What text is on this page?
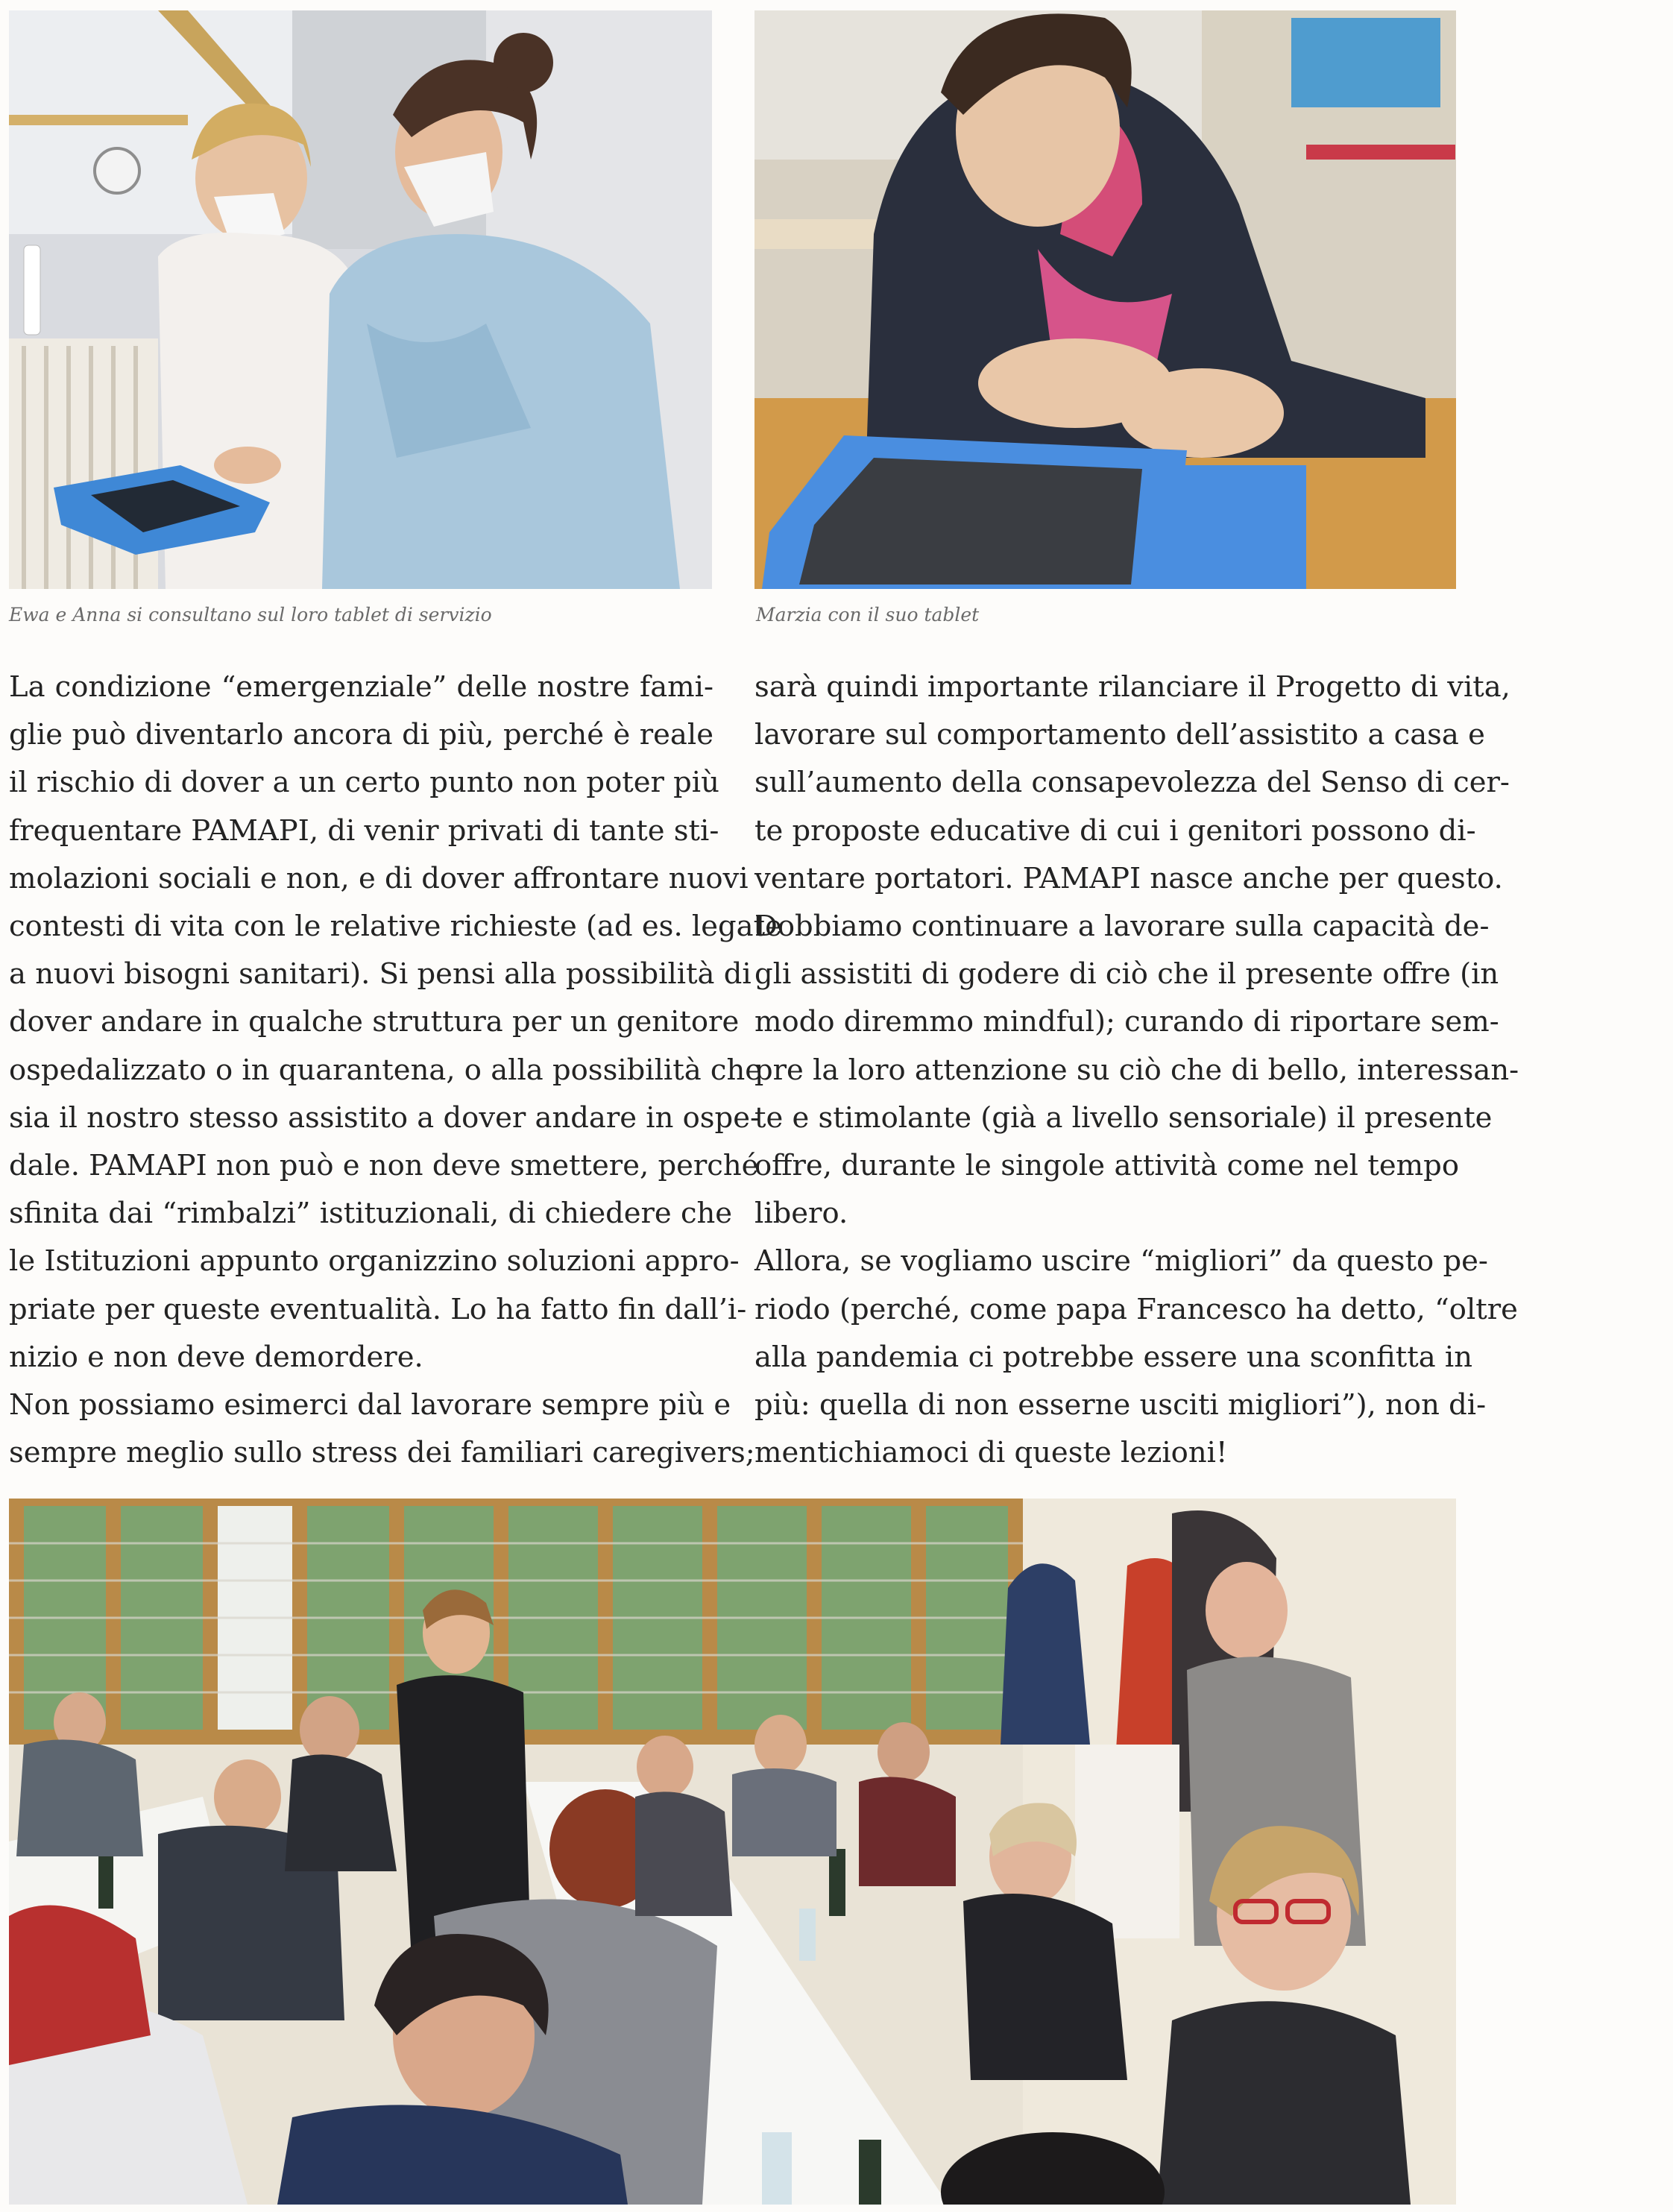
Ewa e Anna si consultano sul loro tablet di servizio	Marzia con il suo tablet
La condizione “emergenziale” delle nostre fami-
glie può diventarlo ancora di più, perché è reale
il rischio di dover a un certo punto non poter più
frequentare PAMAPI, di venir privati di tante sti-
molazioni sociali e non, e di dover affrontare nuovi
contesti di vita con le relative richieste (ad es. legate
a nuovi bisogni sanitari). Si pensi alla possibilità di
dover andare in qualche struttura per un genitore
ospedalizzato o in quarantena, o alla possibilità che
sia il nostro stesso assistito a dover andare in ospe-
dale. PAMAPI non può e non deve smettere, perché
sfinita dai “rimbalzi” istituzionali, di chiedere che
le Istituzioni appunto organizzino soluzioni appro-
priate per queste eventualità. Lo ha fatto fin dall’i-
nizio e non deve demordere.
Non possiamo esimerci dal lavorare sempre più e
sempre meglio sullo stress dei familiari caregivers;
sarà quindi importante rilanciare il Progetto di vita,
lavorare sul comportamento dell’assistito a casa e
sull’aumento della consapevolezza del Senso di cer-
te proposte educative di cui i genitori possono di-
ventare portatori. PAMAPI nasce anche per questo.
Dobbiamo continuare a lavorare sulla capacità de-
gli assistiti di godere di ciò che il presente offre (in
modo diremmo mindful); curando di riportare sem-
pre la loro attenzione su ciò che di bello, interessan-
te e stimolante (già a livello sensoriale) il presente
offre, durante le singole attività come nel tempo
libero.
Allora, se vogliamo uscire “migliori” da questo pe-
riodo (perché, come papa Francesco ha detto, “oltre
alla pandemia ci potrebbe essere una sconfitta in
più: quella di non esserne usciti migliori”), non di-
mentichiamoci di queste lezioni!
